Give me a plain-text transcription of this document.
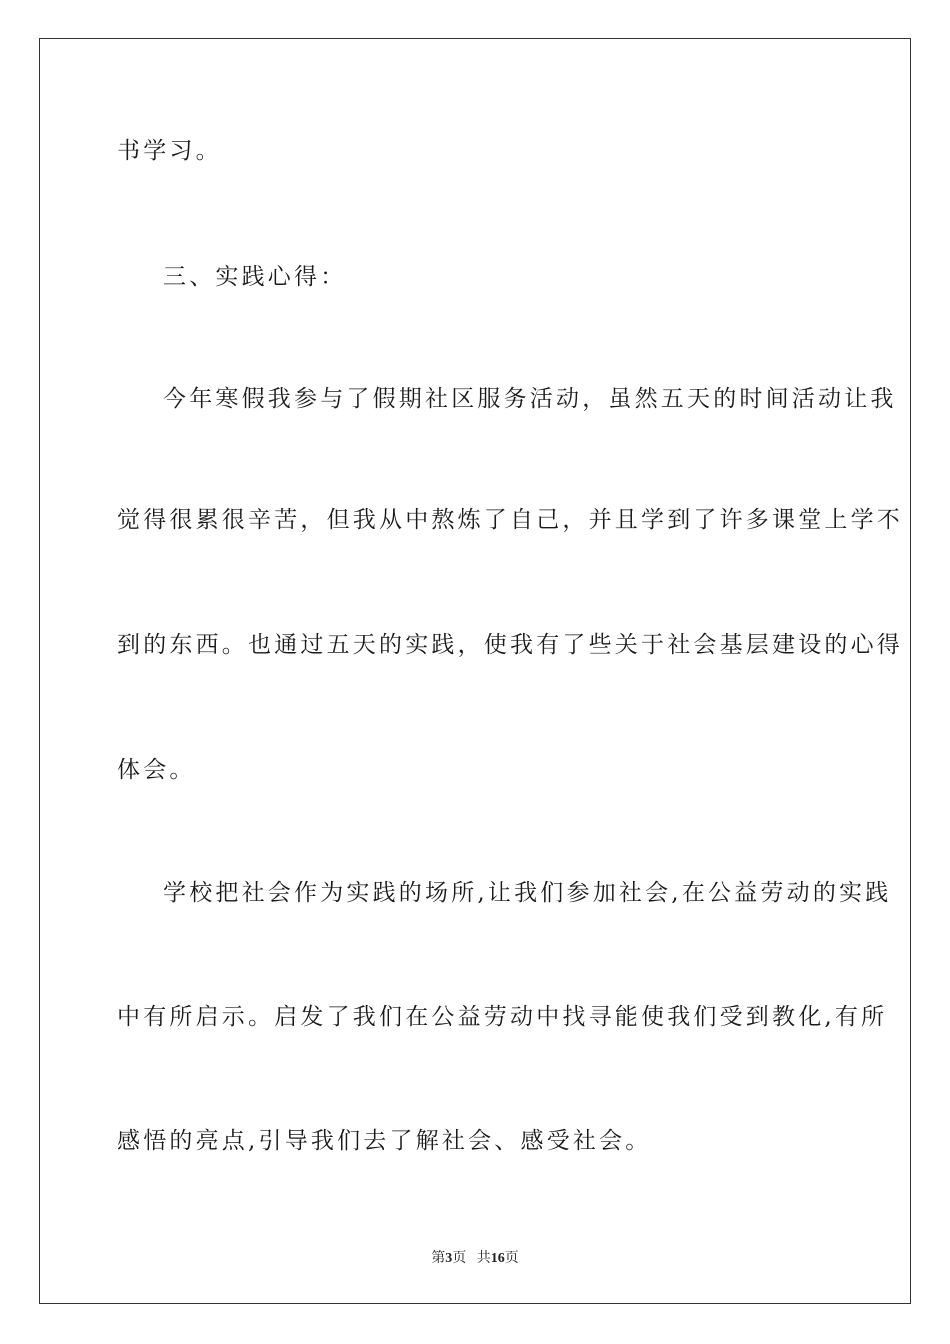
书学习。
三、实践心得：
今年寒假我参与了假期社区服务活动，虽然五天的时间活动让我
觉得很累很辛苦，但我从中熬炼了自己，并且学到了许多课堂上学不
到的东西。也通过五天的实践，使我有了些关于社会基层建设的心得
体会。
学校把社会作为实践的场所,让我们参加社会,在公益劳动的实践
中有所启示。启发了我们在公益劳动中找寻能使我们受到教化,有所
感悟的亮点,引导我们去了解社会、感受社会。
第3页 共16页
